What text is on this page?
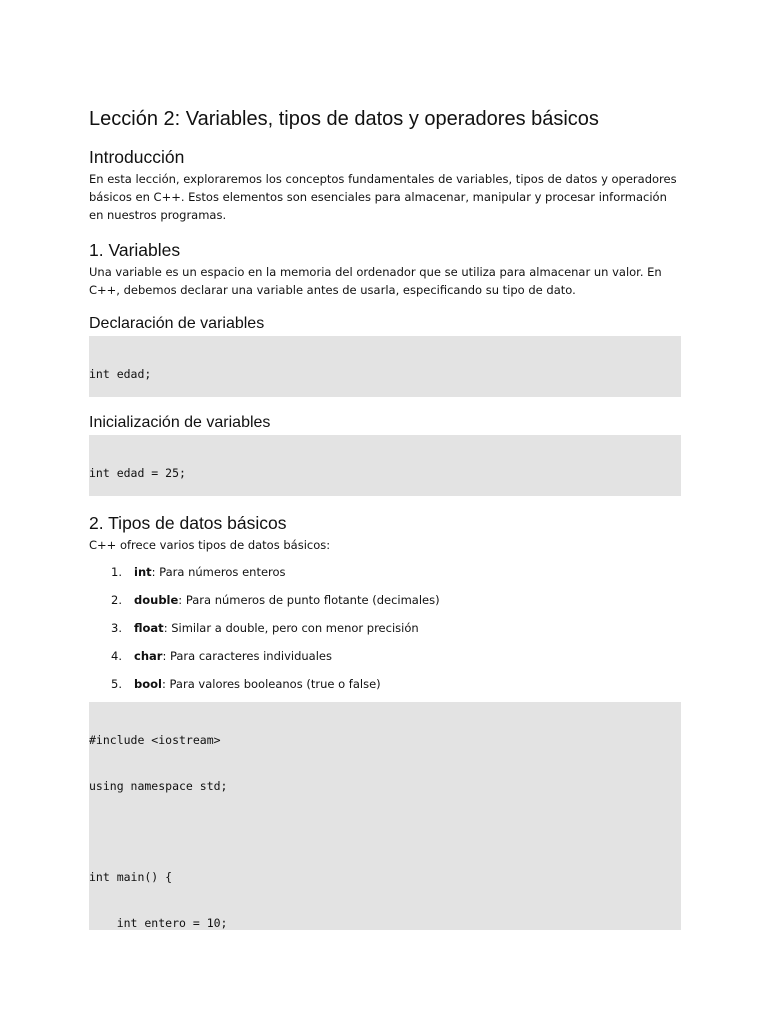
Lección 2: Variables, tipos de datos y operadores básicos
Introducción

En esta lección, exploraremos los conceptos fundamentales de variables, tipos de datos y operadores básicos en C++. Estos elementos son esenciales para almacenar, manipular y procesar información en nuestros programas.

1. Variables

Una variable es un espacio en la memoria del ordenador que se utiliza para almacenar un valor. En C++, debemos declarar una variable antes de usarla, especificando su tipo de dato.

Declaración de variables

int edad;

Inicialización de variables

int edad = 25;

2. Tipos de datos básicos

C++ ofrece varios tipos de datos básicos:

1.	int: Para números enteros
2.	double: Para números de punto flotante (decimales)
3.	float: Similar a double, pero con menor precisión
4.	char: Para caracteres individuales
5.	bool: Para valores booleanos (true o false)

#include <iostream>

using namespace std;

int main() {

int entero = 10;
